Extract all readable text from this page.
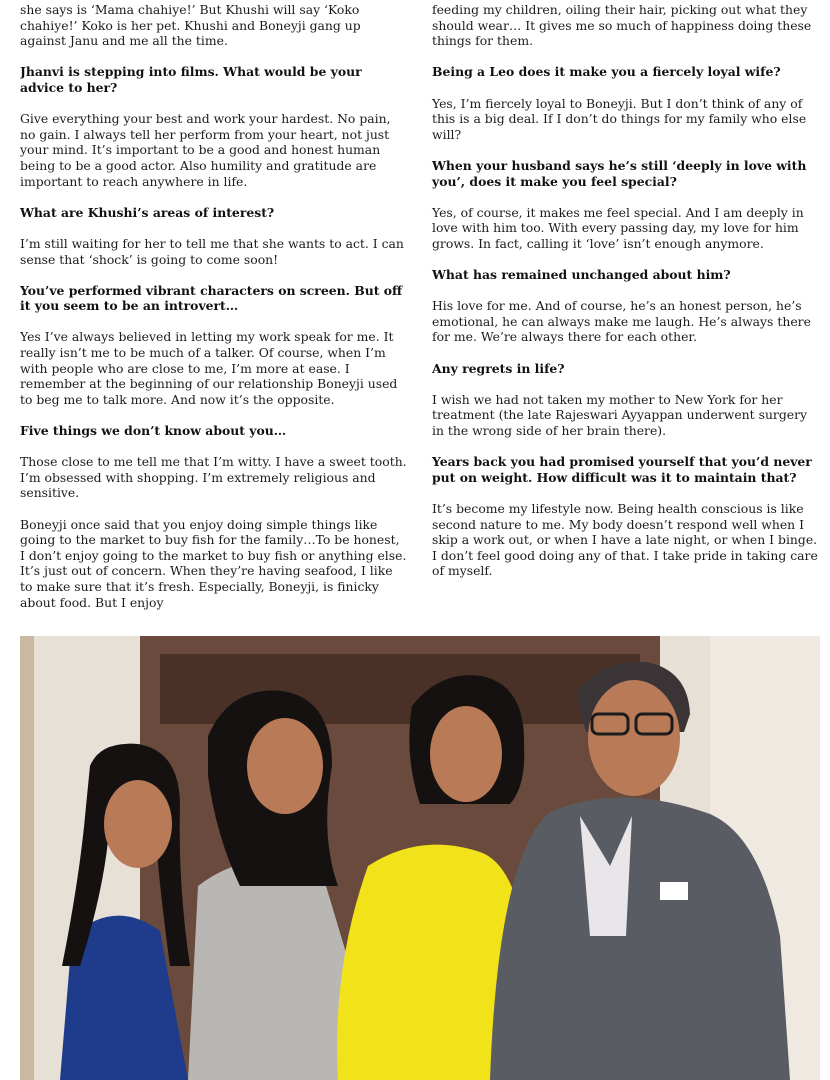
she says is ‘Mama chahiye!’ But Khushi will say ‘Koko chahiye!’ Koko is her pet. Khushi and Boneyji gang up against Janu and me all the time.

Jhanvi is stepping into films. What would be your advice to her?

Give everything your best and work your hardest. No pain, no gain. I always tell her perform from your heart, not just your mind. It’s important to be a good and honest human being to be a good actor. Also humility and gratitude are important to reach anywhere in life.

What are Khushi’s areas of interest?

I’m still waiting for her to tell me that she wants to act. I can sense that ‘shock’ is going to come soon!

You’ve performed vibrant characters on screen. But off it you seem to be an introvert…

Yes I’ve always believed in letting my work speak for me. It really isn’t me to be much of a talker. Of course, when I’m with people who are close to me, I’m more at ease. I remember at the beginning of our relationship Boneyji used to beg me to talk more. And now it’s the opposite.

Five things we don’t know about you…

Those close to me tell me that I’m witty. I have a sweet tooth. I’m obsessed with shopping. I’m extremely religious and sensitive.

Boneyji once said that you enjoy doing simple things like going to the market to buy fish for the family…To be honest, I don’t enjoy going to the market to buy fish or anything else. It’s just out of concern. When they’re having seafood, I like to make sure that it’s fresh. Especially, Boneyji, is finicky about food. But I enjoy

feeding my children, oiling their hair, picking out what they should wear… It gives me so much of happiness doing these things for them.

Being a Leo does it make you a fiercely loyal wife?

Yes, I’m fiercely loyal to Boneyji. But I don’t think of any of this is a big deal. If I don’t do things for my family who else will?

When your husband says he’s still ‘deeply in love with you’, does it make you feel special?

Yes, of course, it makes me feel special. And I am deeply in love with him too. With every passing day, my love for him grows. In fact, calling it ‘love’ isn’t enough anymore.

What has remained unchanged about him?

His love for me. And of course, he’s an honest person, he’s emotional, he can always make me laugh. He’s always there for me. We’re always there for each other.

Any regrets in life?

I wish we had not taken my mother to New York for her treatment (the late Rajeswari Ayyappan underwent surgery in the wrong side of her brain there).

Years back you had promised yourself that you’d never put on weight. How difficult was it to maintain that?

It’s become my lifestyle now. Being health conscious is like second nature to me. My body doesn’t respond well when I skip a work out, or when I have a late night, or when I binge. I don’t feel good doing any of that. I take pride in taking care of myself.
